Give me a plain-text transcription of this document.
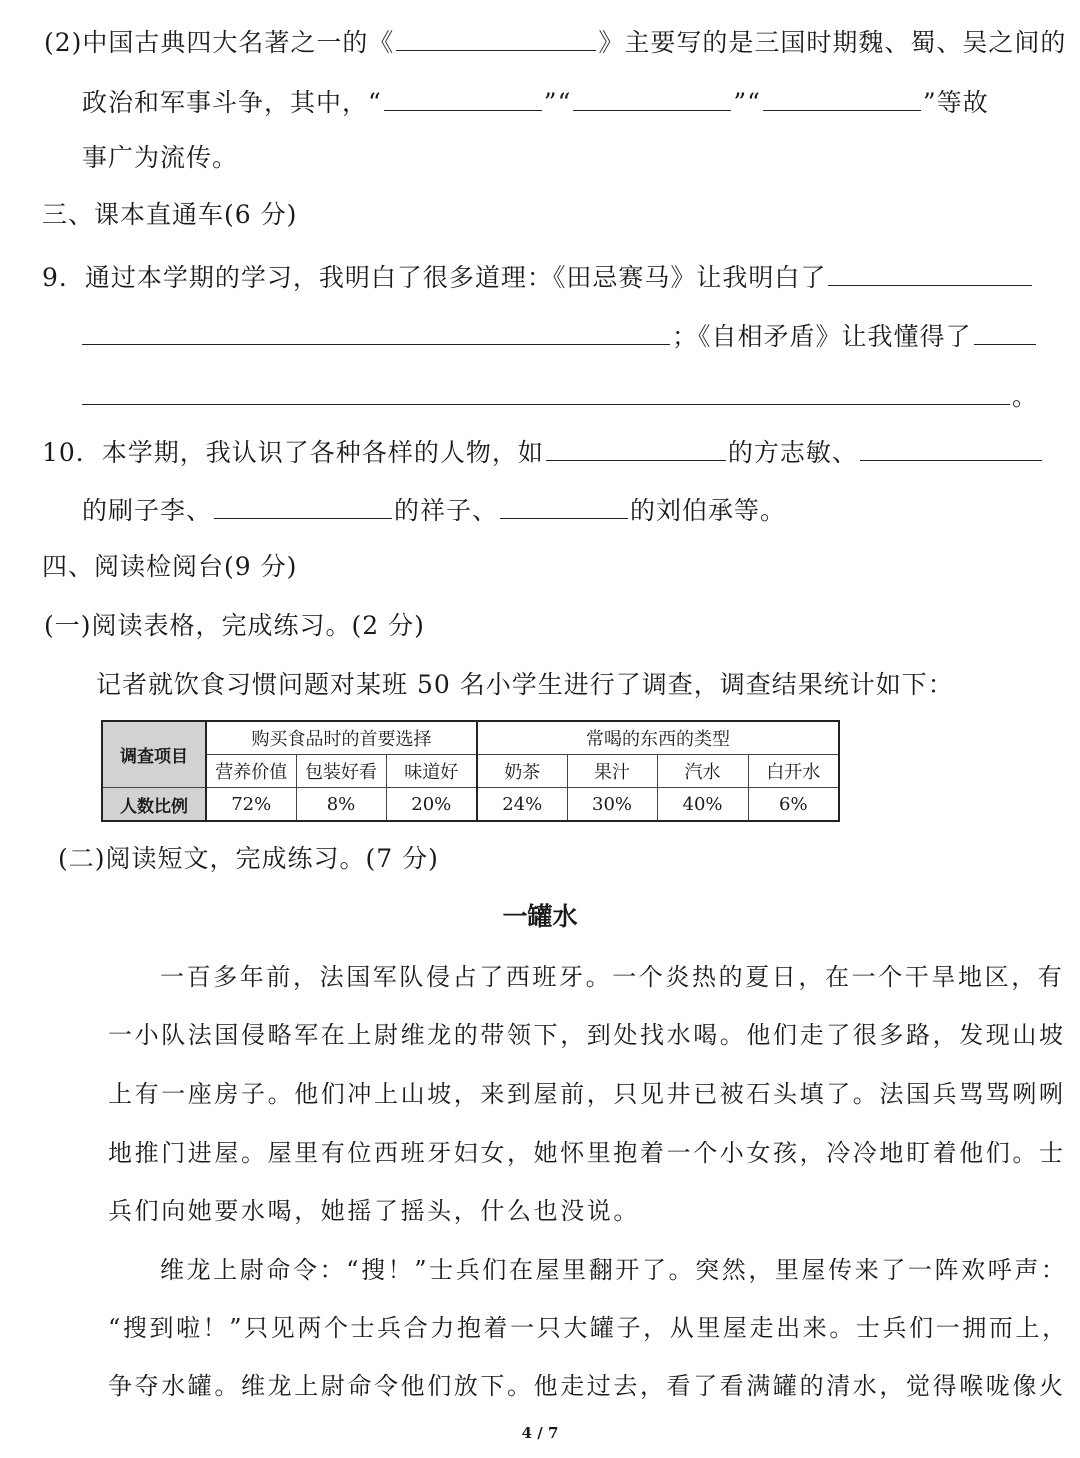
(2)中国古典四大名著之一的《	》主要写的是三国时期魏、蜀、吴之间的
政治和军事斗争，其中，“	”“	”“	”等故
事广为流传。
三、课本直通车(6 分)
9．通过本学期的学习，我明白了很多道理：《田忌赛马》让我明白了
；《自相矛盾》让我懂得了
。
10．本学期，我认识了各种各样的人物，如	的方志敏、
的刷子李、	的祥子、	的刘伯承等。
四、阅读检阅台(9 分)
(一)阅读表格，完成练习。(2 分)
记者就饮食习惯问题对某班 50 名小学生进行了调查，调查结果统计如下：
调查项目	购买食品时的首要选择			常喝的东西的类型			
	营养价值	包装好看	味道好	奶茶	果汁	汽水	白开水
人数比例	72%	8%	20%	24%	30%	40%	6%
(二)阅读短文，完成练习。(7 分)
一罐水
一百多年前，法国军队侵占了西班牙。一个炎热的夏日，在一个干旱地区，有
一小队法国侵略军在上尉维龙的带领下，到处找水喝。他们走了很多路，发现山坡
上有一座房子。他们冲上山坡，来到屋前，只见井已被石头填了。法国兵骂骂咧咧
地推门进屋。屋里有位西班牙妇女，她怀里抱着一个小女孩，冷冷地盯着他们。士
兵们向她要水喝，她摇了摇头，什么也没说。
维龙上尉命令：“搜！”士兵们在屋里翻开了。突然，里屋传来了一阵欢呼声：
“搜到啦！”只见两个士兵合力抱着一只大罐子，从里屋走出来。士兵们一拥而上，
争夺水罐。维龙上尉命令他们放下。他走过去，看了看满罐的清水，觉得喉咙像火
4 / 7
